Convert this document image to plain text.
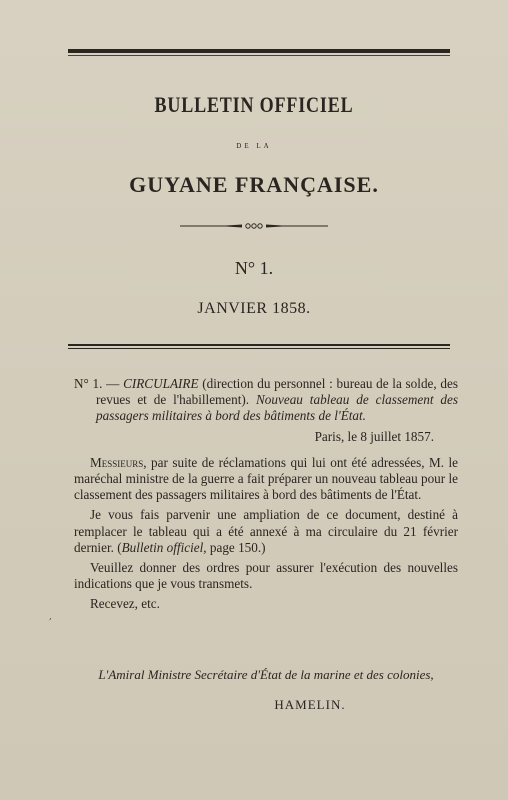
BULLETIN OFFICIEL
DE LA
GUYANE FRANÇAISE.
N° 1.
JANVIER 1858.

N° 1. — CIRCULAIRE (direction du personnel : bureau de la solde, des revues et de l'habillement). Nouveau tableau de classement des passagers militaires à bord des bâtiments de l'État.

Paris, le 8 juillet 1857.

Messieurs, par suite de réclamations qui lui ont été adressées, M. le maréchal ministre de la guerre a fait préparer un nouveau tableau pour le classement des passagers militaires à bord des bâtiments de l'État.

Je vous fais parvenir une ampliation de ce document, destiné à remplacer le tableau qui a été annexé à ma circulaire du 21 février dernier. (Bulletin officiel, page 150.)

Veuillez donner des ordres pour assurer l'exécution des nouvelles indications que je vous transmets.

Recevez, etc.

,
L'Amiral Ministre Secrétaire d'État de la marine et des colonies,
HAMELIN.
